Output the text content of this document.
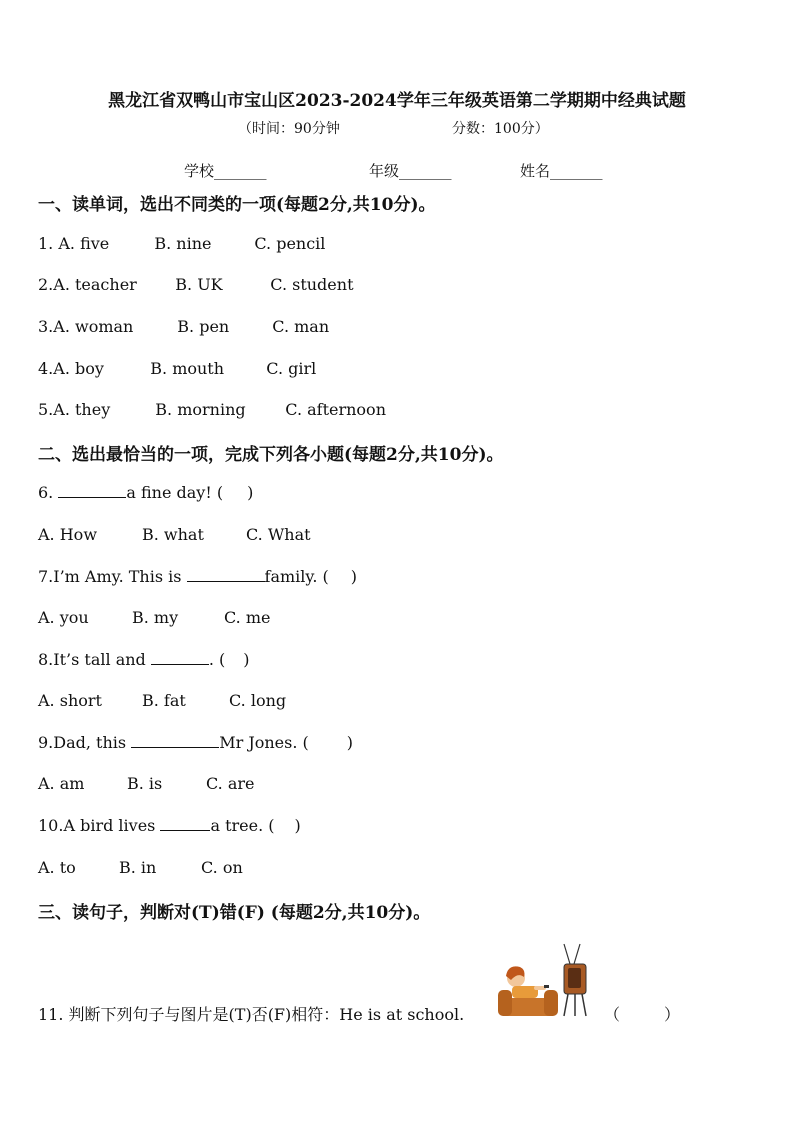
黑龙江省双鸭山市宝山区2023-2024学年三年级英语第二学期期中经典试题
（时间：90分钟	分数：100分）
学校_______	年级_______	姓名_______
一、读单词，选出不同类的一项(每题2分,共10分)。
1. A. five	B. nine	C. pencil
2.A. teacher B. UK	C. student
3.A. woman	B. pen	C. man
4.A. boy	B. mouth	C. girl
5.A. they	B. morning C. afternoon
二、选出最恰当的一项，完成下列各小题(每题2分,共10分)。
6.	a fine day! ( )
A. How	B. what	C. What
7.I’m Amy. This is	family. ( )
A. you	B. my	C. me
8.It’s tall and	. ( )
A. short	B. fat	C. long
9.Dad, this	Mr Jones. ( )
A. am	B. is	C. are
10.A bird lives	a tree. ( )
A. to	B. in	C. on
三、读句子，判断对(T)错(F) (每题2分,共10分)。
11. 判断下列句子与图片是(T)否(F)相符：He is at school.	（	）
